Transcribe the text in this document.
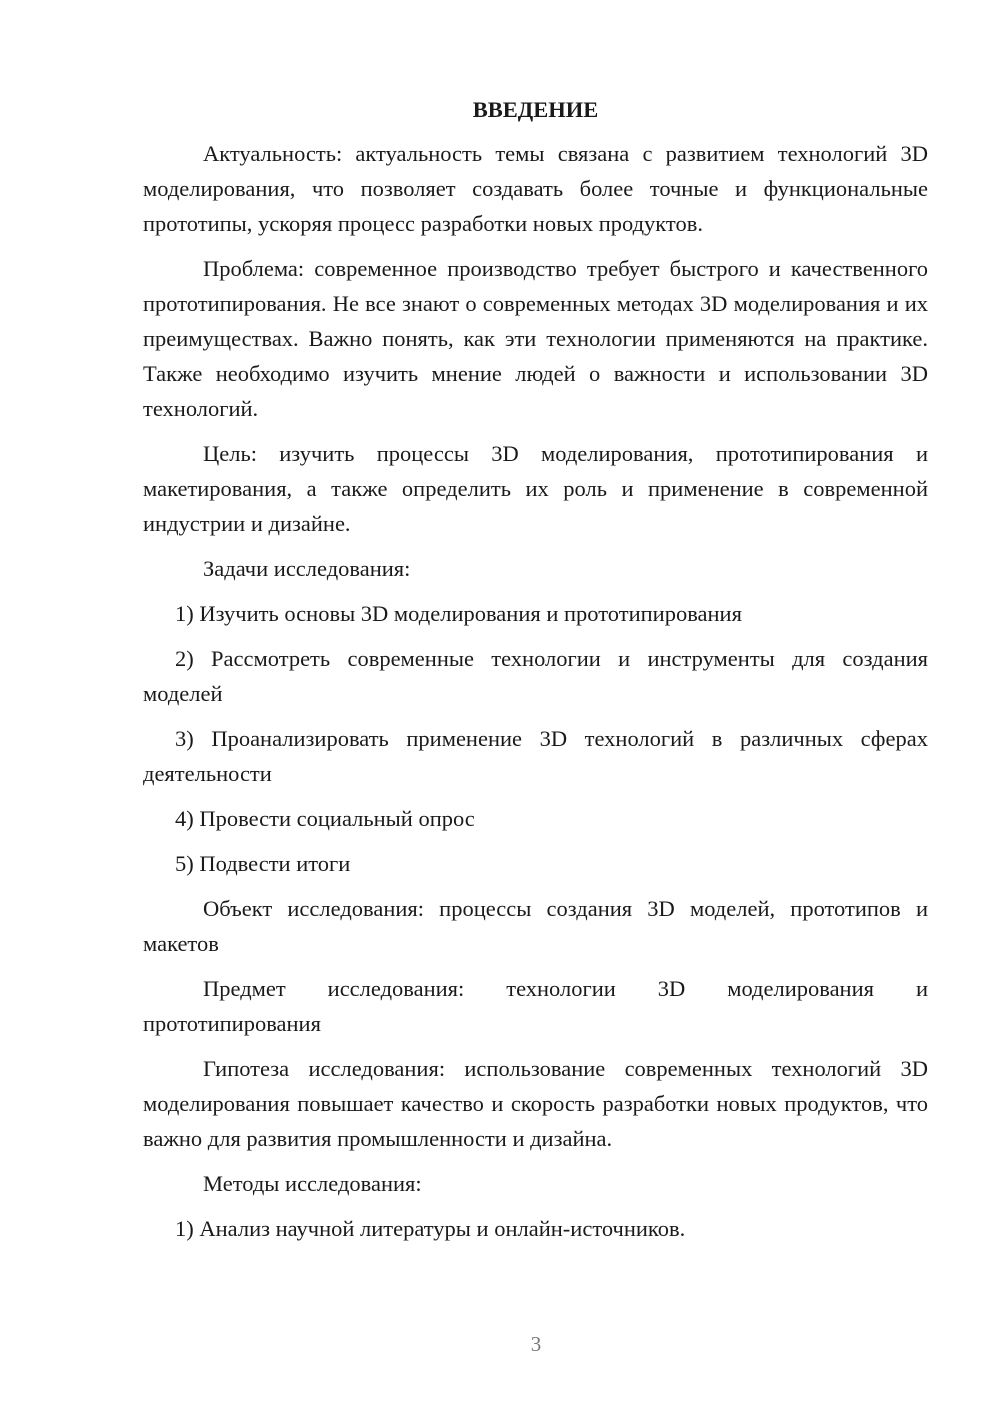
ВВЕДЕНИЕ

Актуальность: актуальность темы связана с развитием технологий 3D моделирования, что позволяет создавать более точные и функциональные прототипы, ускоряя процесс разработки новых продуктов.

Проблема: современное производство требует быстрого и качественного прототипирования. Не все знают о современных методах 3D моделирования и их преимуществах. Важно понять, как эти технологии применяются на практике. Также необходимо изучить мнение людей о важности и использовании 3D технологий.

Цель: изучить процессы 3D моделирования, прототипирования и макетирования, а также определить их роль и применение в современной индустрии и дизайне.

Задачи исследования:

1) Изучить основы 3D моделирования и прототипирования

2) Рассмотреть современные технологии и инструменты для создания моделей

3) Проанализировать применение 3D технологий в различных сферах деятельности

4) Провести социальный опрос

5) Подвести итоги

Объект исследования: процессы создания 3D моделей, прототипов и макетов

Предмет исследования: технологии 3D моделирования и прототипирования

Гипотеза исследования: использование современных технологий 3D моделирования повышает качество и скорость разработки новых продуктов, что важно для развития промышленности и дизайна.

Методы исследования:

1) Анализ научной литературы и онлайн-источников.

3
